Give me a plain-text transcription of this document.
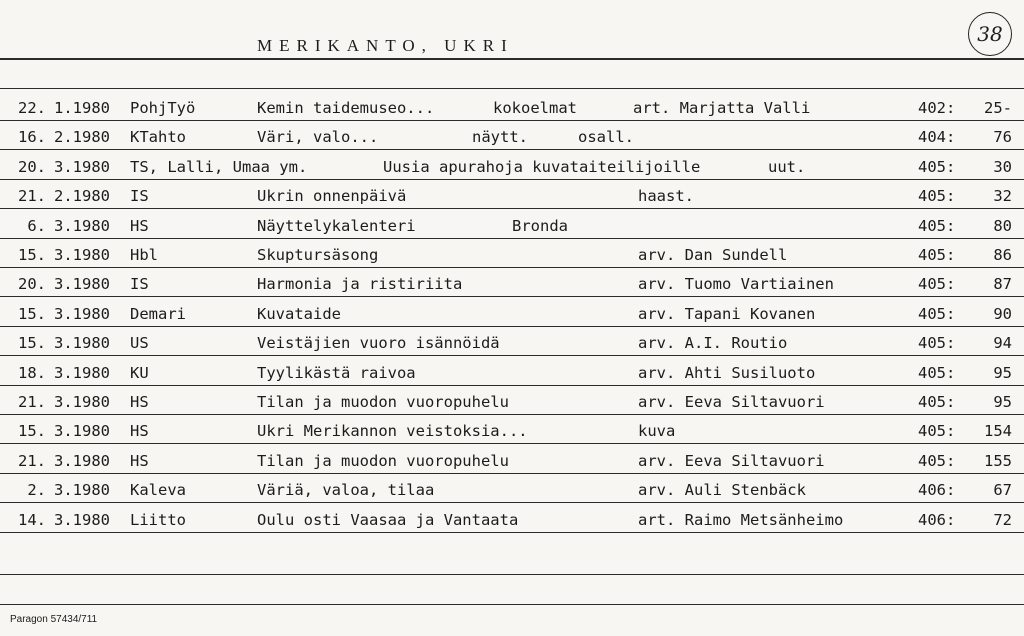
MERIKANTO, UKRI	38
22. 1.1980 PohjTyö	Kemin taidemuseo...	kokoelmat	art. Marjatta Valli	402:	25-
16. 2.1980 KTahto	Väri, valo...	näytt.	osall.	404:	76
20. 3.1980 TS, Lalli, Umaa ym.	Uusia apurahoja kuvataiteilijoille	uut.	405:	30
21. 2.1980 IS	Ukrin onnenpäivä	haast.	405:	32
6. 3.1980 HS	Näyttelykalenteri	Bronda	405:	80
15. 3.1980 Hbl	Skuptursäsong	arv. Dan Sundell	405:	86
20. 3.1980 IS	Harmonia ja ristiriita	arv. Tuomo Vartiainen	405:	87
15. 3.1980 Demari	Kuvataide	arv. Tapani Kovanen	405:	90
15. 3.1980 US	Veistäjien vuoro isännöidä	arv. A.I. Routio	405:	94
18. 3.1980 KU	Tyylikästä raivoa	arv. Ahti Susiluoto	405:	95
21. 3.1980 HS	Tilan ja muodon vuoropuhelu	arv. Eeva Siltavuori	405:	95
15. 3.1980 HS	Ukri Merikannon veistoksia...	kuva	405:	154
21. 3.1980 HS	Tilan ja muodon vuoropuhelu	arv. Eeva Siltavuori	405:	155
2. 3.1980 Kaleva	Väriä, valoa, tilaa	arv. Auli Stenbäck	406:	67
14. 3.1980 Liitto	Oulu osti Vaasaa ja Vantaata	art. Raimo Metsänheimo	406:	72
Paragon 57434/711
